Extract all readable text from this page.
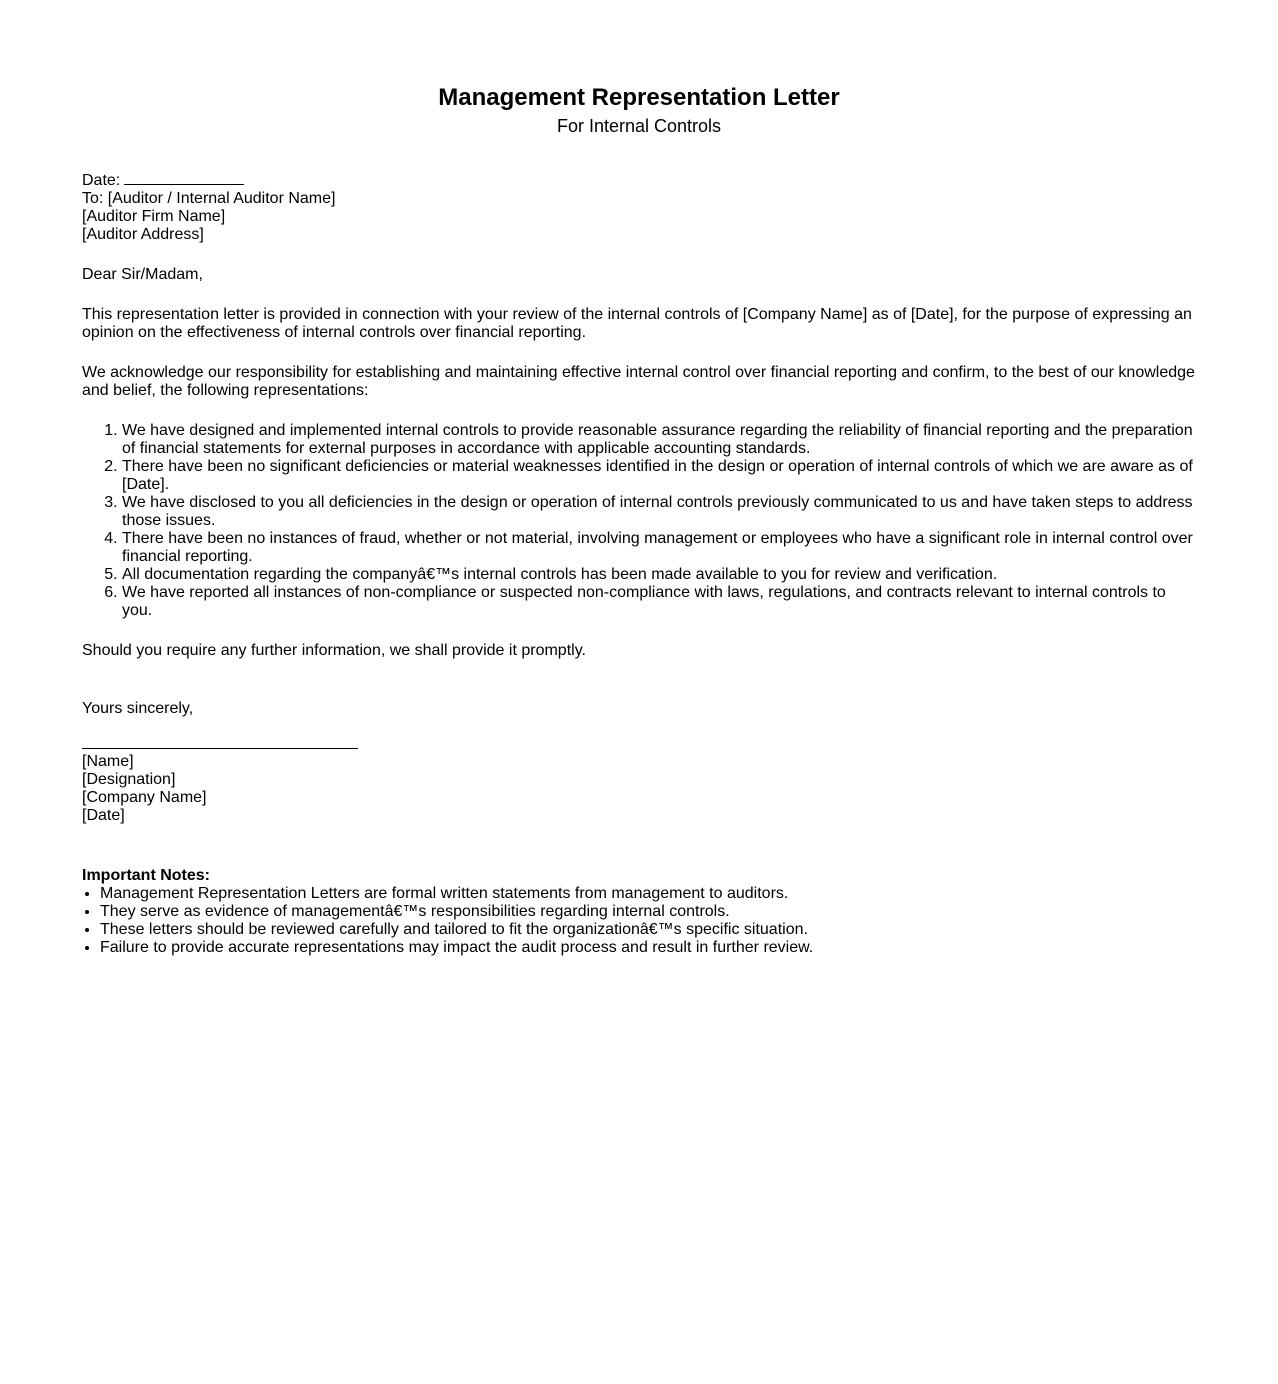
Management Representation Letter
For Internal Controls
Date:
To: [Auditor / Internal Auditor Name]
[Auditor Firm Name]
[Auditor Address]

Dear Sir/Madam,

This representation letter is provided in connection with your review of the internal controls of [Company Name] as of [Date], for the purpose of expressing an opinion on the effectiveness of internal controls over financial reporting.

We acknowledge our responsibility for establishing and maintaining effective internal control over financial reporting and confirm, to the best of our knowledge and belief, the following representations:

1. We have designed and implemented internal controls to provide reasonable assurance regarding the reliability of financial reporting and the preparation of financial statements for external purposes in accordance with applicable accounting standards.
2. There have been no significant deficiencies or material weaknesses identified in the design or operation of internal controls of which we are aware as of [Date].
3. We have disclosed to you all deficiencies in the design or operation of internal controls previously communicated to us and have taken steps to address those issues.
4. There have been no instances of fraud, whether or not material, involving management or employees who have a significant role in internal control over financial reporting.
5. All documentation regarding the companyâ€™s internal controls has been made available to you for review and verification.
6. We have reported all instances of non-compliance or suspected non-compliance with laws, regulations, and contracts relevant to internal controls to you.

Should you require any further information, we shall provide it promptly.

Yours sincerely,
[Name]
[Designation]
[Company Name]
[Date]
Important Notes:
• Management Representation Letters are formal written statements from management to auditors.
• They serve as evidence of managementâ€™s responsibilities regarding internal controls.
• These letters should be reviewed carefully and tailored to fit the organizationâ€™s specific situation.
• Failure to provide accurate representations may impact the audit process and result in further review.
